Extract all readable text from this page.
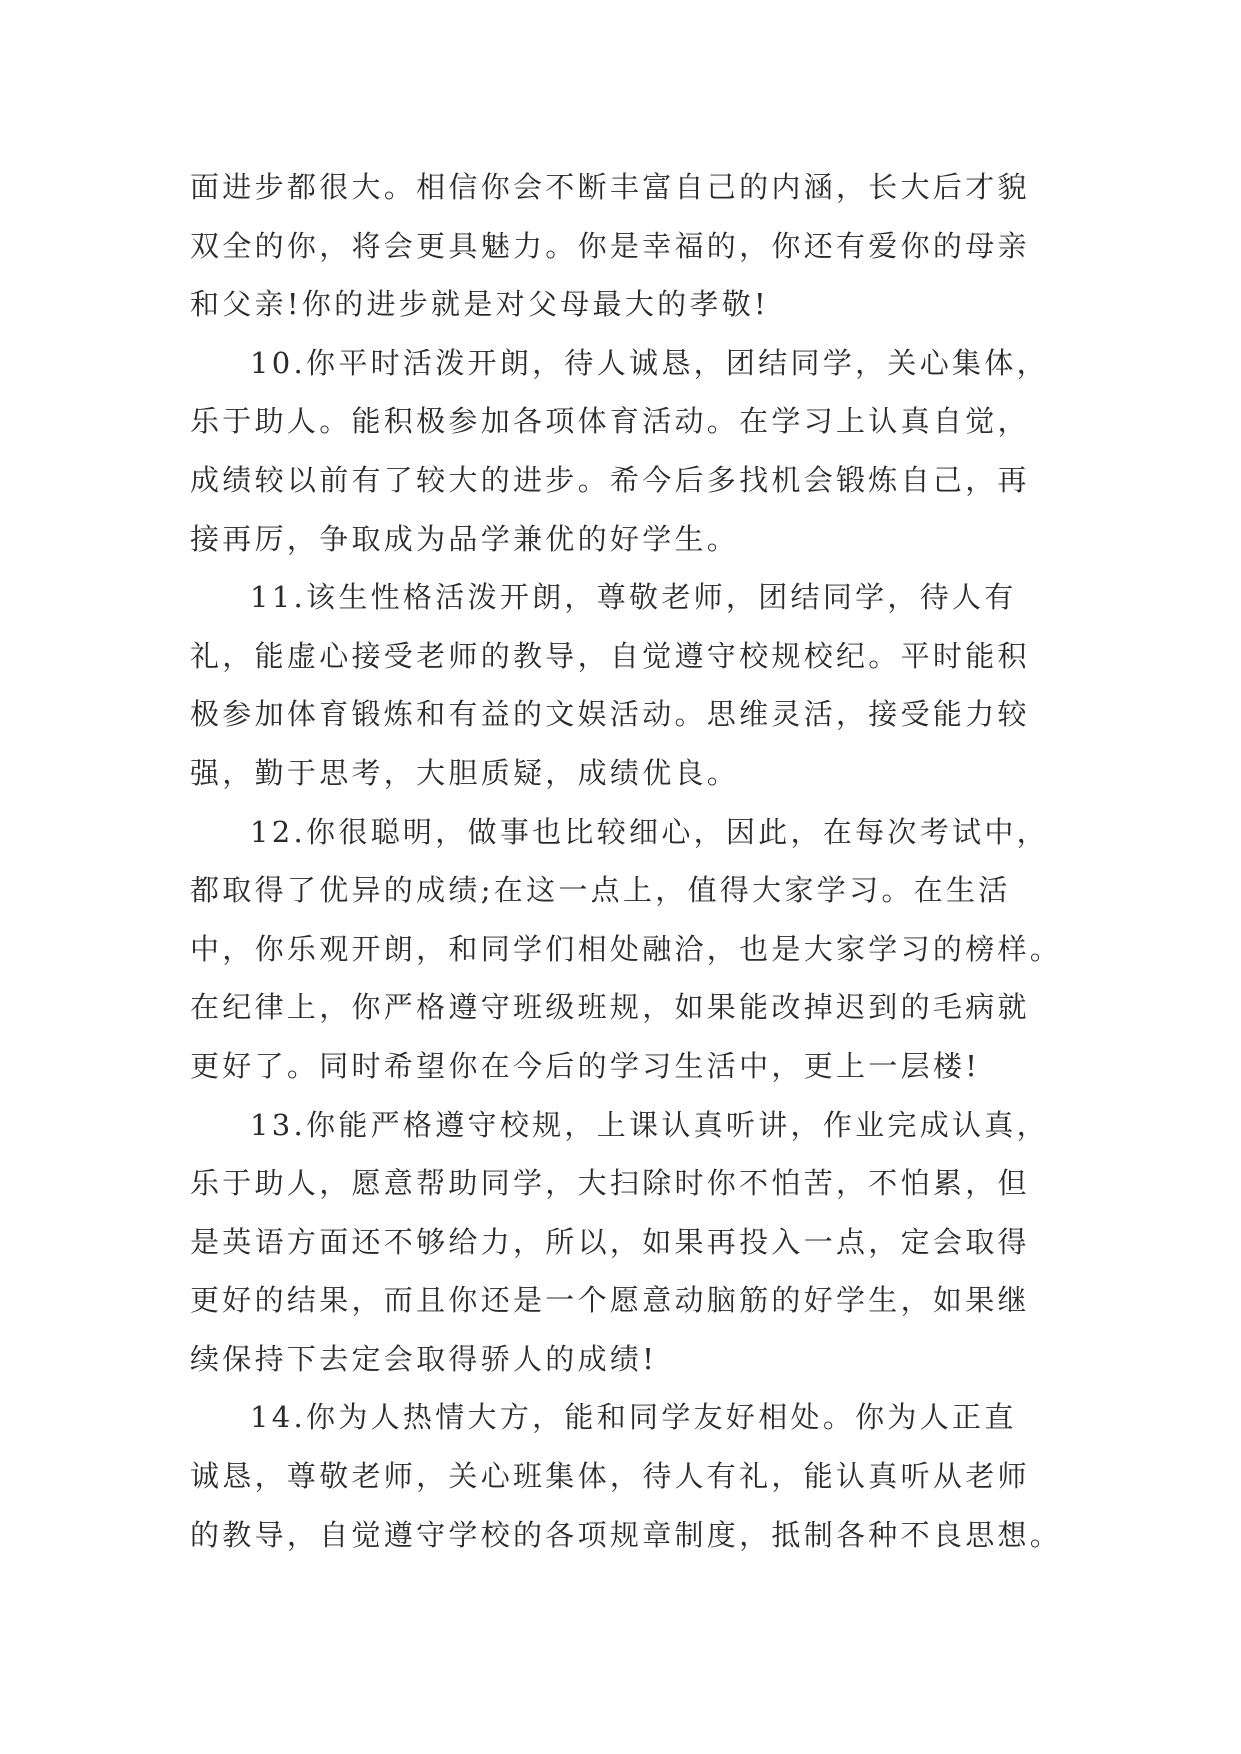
面进步都很大。相信你会不断丰富自己的内涵，长大后才貌
双全的你，将会更具魅力。你是幸福的，你还有爱你的母亲
和父亲!你的进步就是对父母最大的孝敬!
10.你平时活泼开朗，待人诚恳，团结同学，关心集体，
乐于助人。能积极参加各项体育活动。在学习上认真自觉，
成绩较以前有了较大的进步。希今后多找机会锻炼自己，再
接再厉，争取成为品学兼优的好学生。
11.该生性格活泼开朗，尊敬老师，团结同学，待人有
礼，能虚心接受老师的教导，自觉遵守校规校纪。平时能积
极参加体育锻炼和有益的文娱活动。思维灵活，接受能力较
强，勤于思考，大胆质疑，成绩优良。
12.你很聪明，做事也比较细心，因此，在每次考试中，
都取得了优异的成绩;在这一点上，值得大家学习。在生活
中，你乐观开朗，和同学们相处融洽，也是大家学习的榜样。
在纪律上，你严格遵守班级班规，如果能改掉迟到的毛病就
更好了。同时希望你在今后的学习生活中，更上一层楼!
13.你能严格遵守校规，上课认真听讲，作业完成认真，
乐于助人，愿意帮助同学，大扫除时你不怕苦，不怕累，但
是英语方面还不够给力，所以，如果再投入一点，定会取得
更好的结果，而且你还是一个愿意动脑筋的好学生，如果继
续保持下去定会取得骄人的成绩!
14.你为人热情大方，能和同学友好相处。你为人正直
诚恳，尊敬老师，关心班集体，待人有礼，能认真听从老师
的教导，自觉遵守学校的各项规章制度，抵制各种不良思想。
